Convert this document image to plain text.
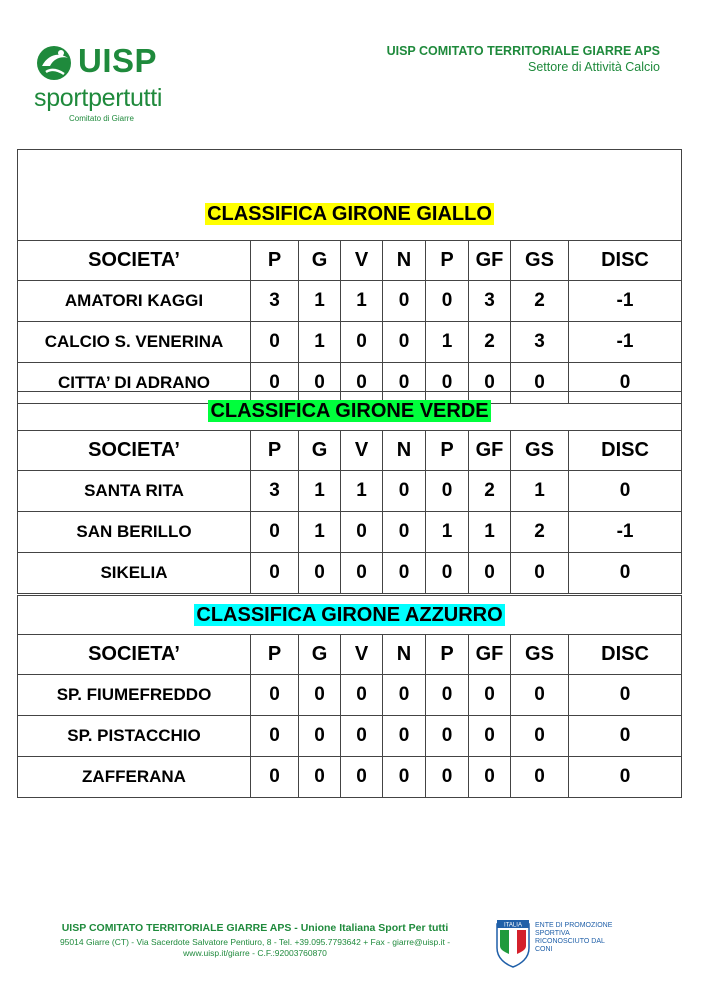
UISP
sportpertutti
Comitato di Giarre
UISP COMITATO TERRITORIALE GIARRE APS
Settore di Attività Calcio
CLASSIFICA GIRONE GIALLO								
SOCIETA’	P	G	V	N	P	GF	GS	DISC
AMATORI KAGGI	3	1	1	0	0	3	2	-1
CALCIO S. VENERINA	0	1	0	0	1	2	3	-1
CITTA’ DI ADRANO	0	0	0	0	0	0	0	0
CLASSIFICA GIRONE VERDE								
SOCIETA’	P	G	V	N	P	GF	GS	DISC
SANTA RITA	3	1	1	0	0	2	1	0
SAN BERILLO	0	1	0	0	1	1	2	-1
SIKELIA	0	0	0	0	0	0	0	0
CLASSIFICA GIRONE AZZURRO								
SOCIETA’	P	G	V	N	P	GF	GS	DISC
SP. FIUMEFREDDO	0	0	0	0	0	0	0	0
SP. PISTACCHIO	0	0	0	0	0	0	0	0
ZAFFERANA	0	0	0	0	0	0	0	0
UISP COMITATO TERRITORIALE GIARRE APS - Unione Italiana Sport Per tutti
95014 Giarre (CT) - Via Sacerdote Salvatore Pentiuro, 8 - Tel. +39.095.7793642 + Fax - giarre@uisp.it - www.uisp.it/giarre - C.F.:92003760870
ITALIA ENTE DI PROMOZIONE SPORTIVA RICONOSCIUTO DAL CONI
